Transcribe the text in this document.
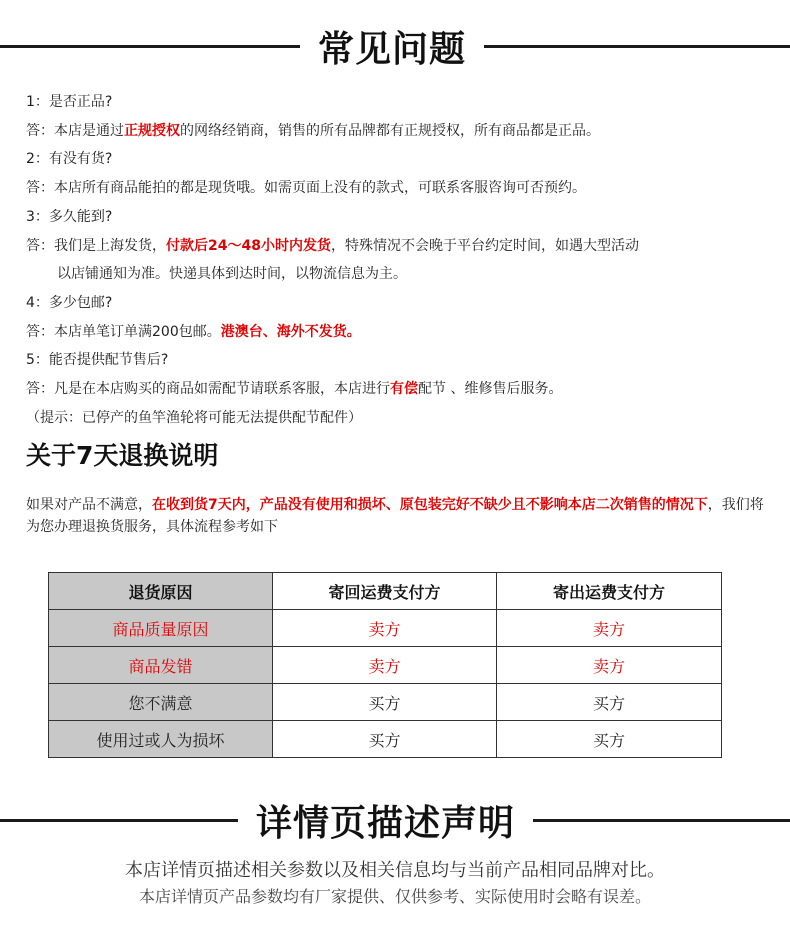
常见问题
1：是否正品?
答：本店是通过正规授权的网络经销商，销售的所有品牌都有正规授权，所有商品都是正品。
2：有没有货?
答：本店所有商品能拍的都是现货哦。如需页面上没有的款式，可联系客服咨询可否预约。
3：多久能到?
答：我们是上海发货，付款后24～48小时内发货，特殊情况不会晚于平台约定时间，如遇大型活动
以店铺通知为准。快递具体到达时间，以物流信息为主。
4：多少包邮?
答：本店单笔订单满200包邮。港澳台、海外不发货。
5：能否提供配节售后?
答：凡是在本店购买的商品如需配节请联系客服，本店进行有偿配节 、维修售后服务。
（提示：已停产的鱼竿渔轮将可能无法提供配节配件）
关于7天退换说明
如果对产品不满意，在收到货7天内，产品没有使用和损坏、原包装完好不缺少且不影响本店二次销售的情况下，我们将为您办理退换货服务，具体流程参考如下
退货原因	寄回运费支付方	寄出运费支付方
商品质量原因	卖方	卖方
商品发错	卖方	卖方
您不满意	买方	买方
使用过或人为损坏	买方	买方
详情页描述声明
本店详情页描述相关参数以及相关信息均与当前产品相同品牌对比。
本店详情页产品参数均有厂家提供、仅供参考、实际使用时会略有误差。
